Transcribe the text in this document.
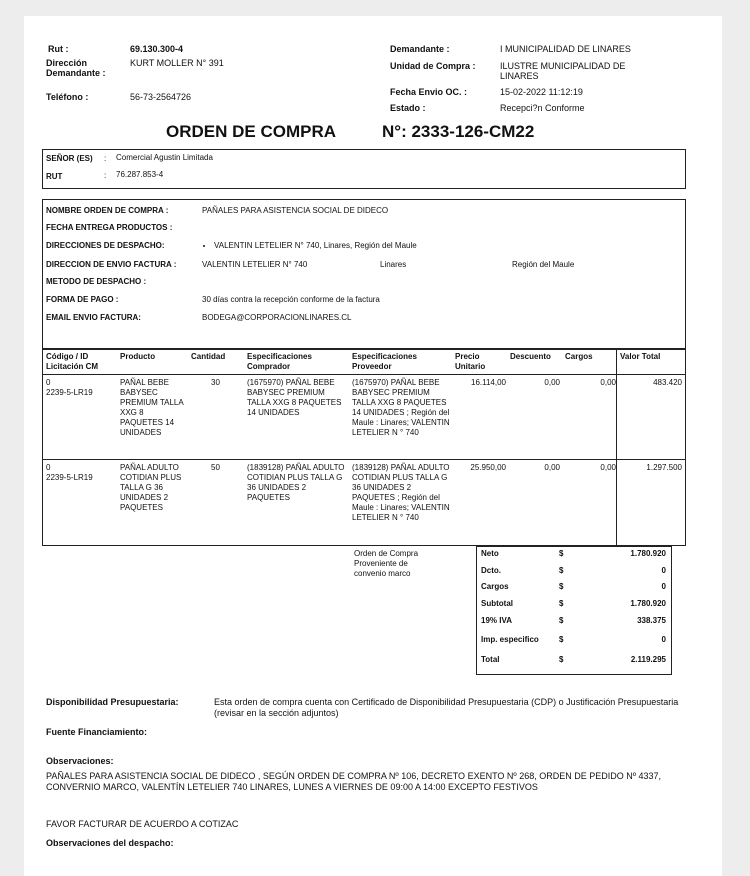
Rut :	69.130.300-4
Dirección Demandante :
KURT MOLLER N° 391
Teléfono :	56-73-2564726
Demandante :	I MUNICIPALIDAD DE LINARES
Unidad de Compra :	ILUSTRE MUNICIPALIDAD DE LINARES
Fecha Envio OC. :	15-02-2022 11:12:19
Estado :	Recepci?n Conforme
ORDEN DE COMPRA	N°: 2333-126-CM22
SEÑOR (ES) : Comercial Agustin Limitada
RUT	: 76.287.853-4
NOMBRE ORDEN DE COMPRA :	PAÑALES PARA ASISTENCIA SOCIAL DE DIDECO
FECHA ENTREGA PRODUCTOS :
DIRECCIONES DE DESPACHO:
•	VALENTIN LETELIER N° 740, Linares, Región del Maule
DIRECCION DE ENVIO FACTURA :	VALENTIN LETELIER N° 740	Linares	Región del Maule
METODO DE DESPACHO :
FORMA DE PAGO :	30 días contra la recepción conforme de la factura
EMAIL ENVIO FACTURA:	BODEGA@CORPORACIONLINARES.CL
Código / ID Licitación CM
Producto	Cantidad	Especificaciones Comprador
Especificaciones Proveedor
Precio Unitario
Descuento Cargos	Valor Total
0
2239-5-LR19
PAÑAL BEBE BABYSEC PREMIUM TALLA XXG 8 PAQUETES 14 UNIDADES
30	(1675970) PAÑAL BEBE BABYSEC PREMIUM TALLA XXG 8 PAQUETES 14 UNIDADES
(1675970) PAÑAL BEBE BABYSEC PREMIUM TALLA XXG 8 PAQUETES 14 UNIDADES ; Región del Maule : Linares; VALENTIN LETELIER N ° 740
16.114,00	0,00	0,00	483.420
0
2239-5-LR19
PAÑAL ADULTO COTIDIAN PLUS TALLA G 36 UNIDADES 2 PAQUETES
50	(1839128) PAÑAL ADULTO COTIDIAN PLUS TALLA G 36 UNIDADES 2 PAQUETES
(1839128) PAÑAL ADULTO COTIDIAN PLUS TALLA G 36 UNIDADES 2 PAQUETES ; Región del Maule : Linares; VALENTIN LETELIER N ° 740
25.950,00	0,00	0,00	1.297.500
Orden de Compra Proveniente de convenio marco
Disponibilidad Presupuestaria:	Esta orden de compra cuenta con Certificado de Disponibilidad Presupuestaria (CDP) o Justificación Presupuestaria (revisar en la sección adjuntos)
Fuente Financiamiento:
Observaciones:
PAÑALES PARA ASISTENCIA SOCIAL DE DIDECO , SEGÚN ORDEN DE COMPRA Nº 106, DECRETO EXENTO Nº 268, ORDEN DE PEDIDO Nº 4337, CONVERNIO MARCO, VALENTÍN LETELIER 740 LINARES, LUNES A VIERNES DE 09:00 A 14:00 EXCEPTO FESTIVOS
FAVOR FACTURAR DE ACUERDO A COTIZAC
Observaciones del despacho:
Neto	$	1.780.920
Dcto.	$	0
Cargos	$	0
Subtotal	$	1.780.920
19% IVA	$	338.375
Imp. especifico	$	0
Total	$	2.119.295
